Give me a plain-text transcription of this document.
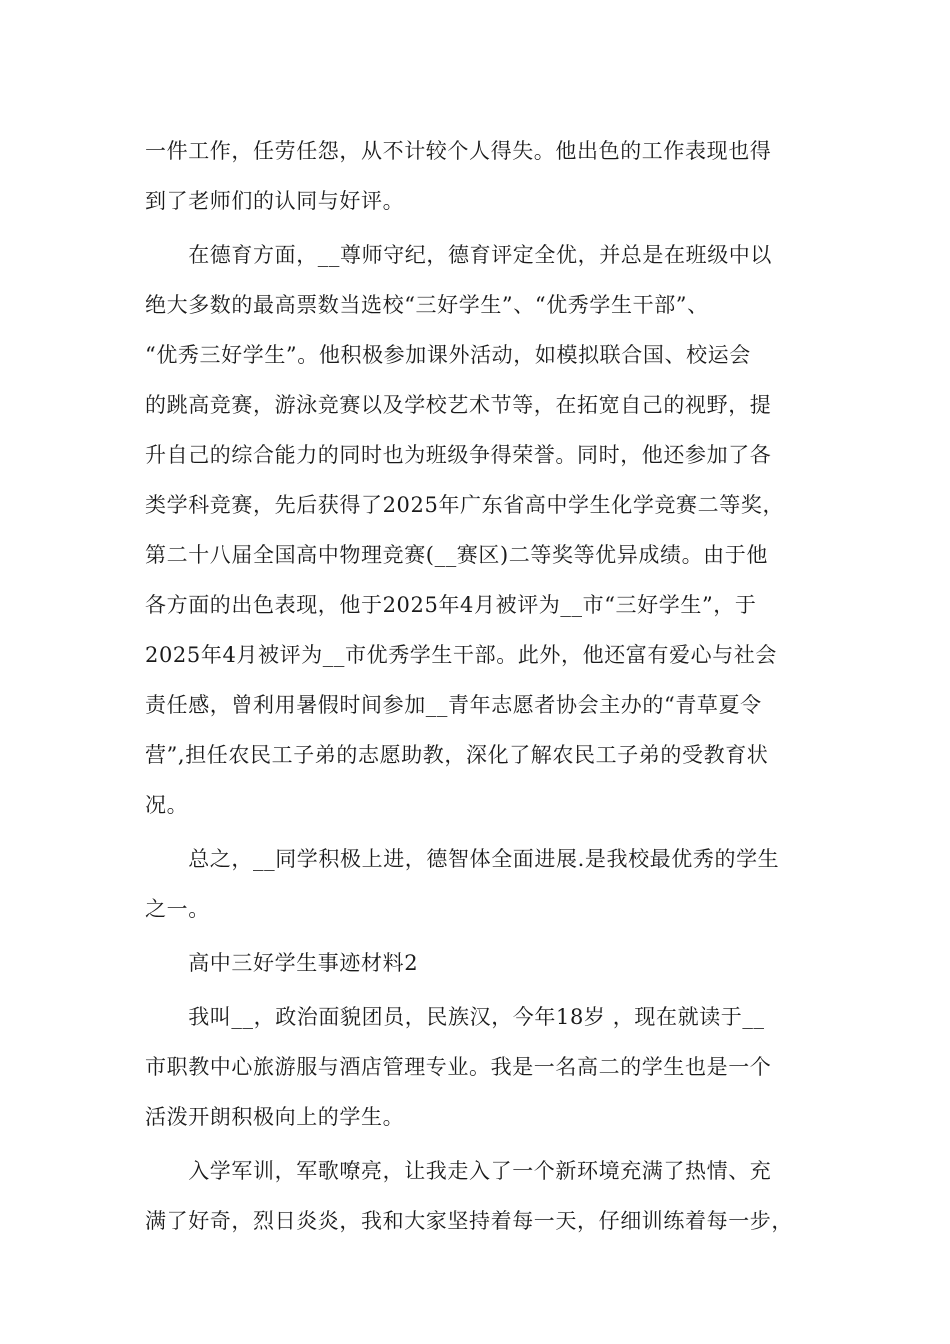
一件工作，任劳任怨，从不计较个人得失。他出色的工作表现也得
到了老师们的认同与好评。
　　在德育方面，__尊师守纪，德育评定全优，并总是在班级中以
绝大多数的最高票数当选校“三好学生”、“优秀学生干部”、
“优秀三好学生”。他积极参加课外活动，如模拟联合国、校运会
的跳高竞赛，游泳竞赛以及学校艺术节等，在拓宽自己的视野，提
升自己的综合能力的同时也为班级争得荣誉。同时，他还参加了各
类学科竞赛，先后获得了2025年广东省高中学生化学竞赛二等奖，
第二十八届全国高中物理竞赛(__赛区)二等奖等优异成绩。由于他
各方面的出色表现，他于2025年4月被评为__市“三好学生”，于
2025年4月被评为__市优秀学生干部。此外，他还富有爱心与社会
责任感，曾利用暑假时间参加__青年志愿者协会主办的“青草夏令
营”,担任农民工子弟的志愿助教，深化了解农民工子弟的受教育状
况。
　　总之，__同学积极上进，德智体全面进展.是我校最优秀的学生
之一。
　　高中三好学生事迹材料2
　　我叫__，政治面貌团员，民族汉，今年18岁 ，现在就读于__
市职教中心旅游服与酒店管理专业。我是一名高二的学生也是一个
活泼开朗积极向上的学生。
　　入学军训，军歌嘹亮，让我走入了一个新环境充满了热情、充
满了好奇，烈日炎炎，我和大家坚持着每一天，仔细训练着每一步，
